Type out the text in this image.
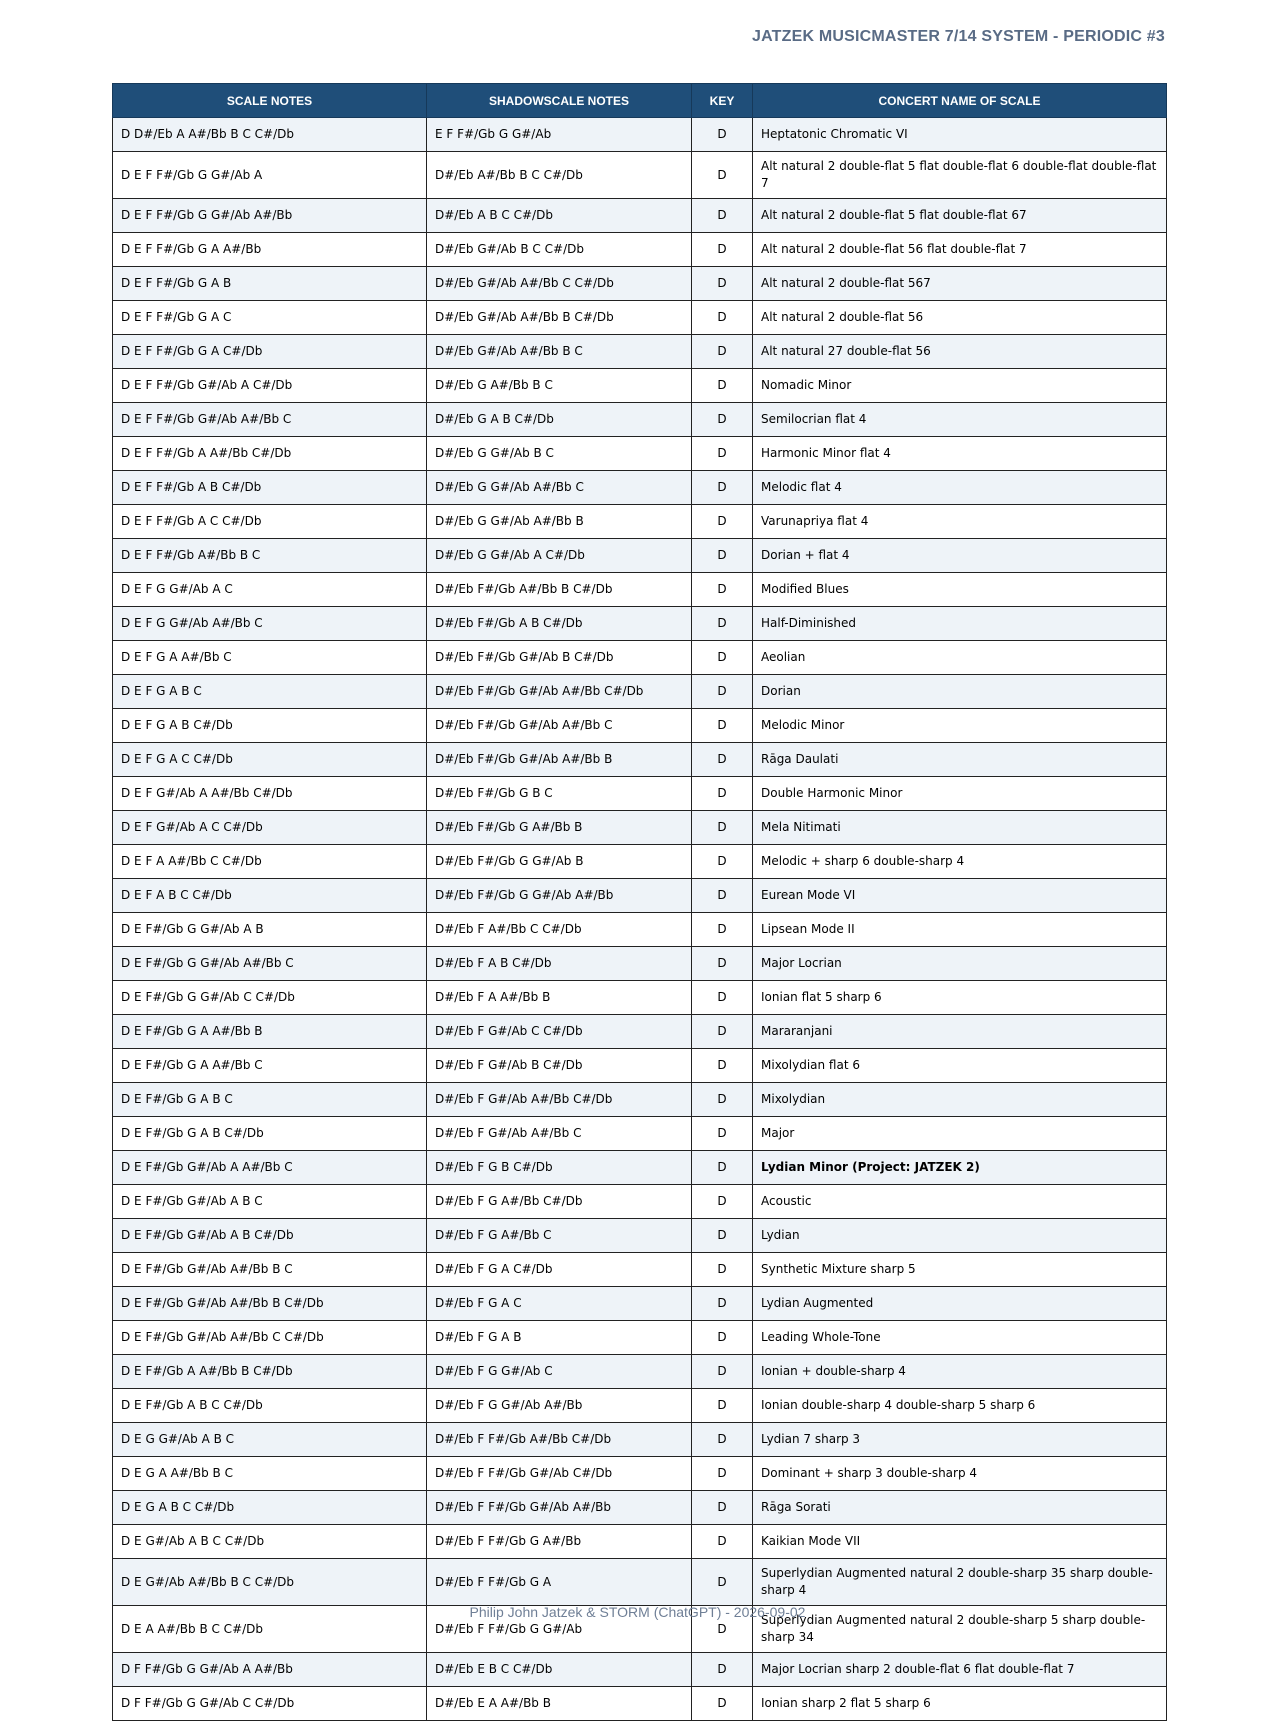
JATZEK MUSICMASTER 7/14 SYSTEM - PERIODIC #3
SCALE NOTES	SHADOWSCALE NOTES	KEY	CONCERT NAME OF SCALE
D D#/Eb A A#/Bb B C C#/Db	E F F#/Gb G G#/Ab	D	Heptatonic Chromatic VI
D E F F#/Gb G G#/Ab A	D#/Eb A#/Bb B C C#/Db	D	Alt natural 2 double-flat 5 flat double-flat 6 double-flat double-flat 7
D E F F#/Gb G G#/Ab A#/Bb	D#/Eb A B C C#/Db	D	Alt natural 2 double-flat 5 flat double-flat 67
D E F F#/Gb G A A#/Bb	D#/Eb G#/Ab B C C#/Db	D	Alt natural 2 double-flat 56 flat double-flat 7
D E F F#/Gb G A B	D#/Eb G#/Ab A#/Bb C C#/Db	D	Alt natural 2 double-flat 567
D E F F#/Gb G A C	D#/Eb G#/Ab A#/Bb B C#/Db	D	Alt natural 2 double-flat 56
D E F F#/Gb G A C#/Db	D#/Eb G#/Ab A#/Bb B C	D	Alt natural 27 double-flat 56
D E F F#/Gb G#/Ab A C#/Db	D#/Eb G A#/Bb B C	D	Nomadic Minor
D E F F#/Gb G#/Ab A#/Bb C	D#/Eb G A B C#/Db	D	Semilocrian flat 4
D E F F#/Gb A A#/Bb C#/Db	D#/Eb G G#/Ab B C	D	Harmonic Minor flat 4
D E F F#/Gb A B C#/Db	D#/Eb G G#/Ab A#/Bb C	D	Melodic flat 4
D E F F#/Gb A C C#/Db	D#/Eb G G#/Ab A#/Bb B	D	Varunapriya flat 4
D E F F#/Gb A#/Bb B C	D#/Eb G G#/Ab A C#/Db	D	Dorian + flat 4
D E F G G#/Ab A C	D#/Eb F#/Gb A#/Bb B C#/Db	D	Modified Blues
D E F G G#/Ab A#/Bb C	D#/Eb F#/Gb A B C#/Db	D	Half-Diminished
D E F G A A#/Bb C	D#/Eb F#/Gb G#/Ab B C#/Db	D	Aeolian
D E F G A B C	D#/Eb F#/Gb G#/Ab A#/Bb C#/Db	D	Dorian
D E F G A B C#/Db	D#/Eb F#/Gb G#/Ab A#/Bb C	D	Melodic Minor
D E F G A C C#/Db	D#/Eb F#/Gb G#/Ab A#/Bb B	D	Rāga Daulati
D E F G#/Ab A A#/Bb C#/Db	D#/Eb F#/Gb G B C	D	Double Harmonic Minor
D E F G#/Ab A C C#/Db	D#/Eb F#/Gb G A#/Bb B	D	Mela Nitimati
D E F A A#/Bb C C#/Db	D#/Eb F#/Gb G G#/Ab B	D	Melodic + sharp 6 double-sharp 4
D E F A B C C#/Db	D#/Eb F#/Gb G G#/Ab A#/Bb	D	Eurean Mode VI
D E F#/Gb G G#/Ab A B	D#/Eb F A#/Bb C C#/Db	D	Lipsean Mode II
D E F#/Gb G G#/Ab A#/Bb C	D#/Eb F A B C#/Db	D	Major Locrian
D E F#/Gb G G#/Ab C C#/Db	D#/Eb F A A#/Bb B	D	Ionian flat 5 sharp 6
D E F#/Gb G A A#/Bb B	D#/Eb F G#/Ab C C#/Db	D	Mararanjani
D E F#/Gb G A A#/Bb C	D#/Eb F G#/Ab B C#/Db	D	Mixolydian flat 6
D E F#/Gb G A B C	D#/Eb F G#/Ab A#/Bb C#/Db	D	Mixolydian
D E F#/Gb G A B C#/Db	D#/Eb F G#/Ab A#/Bb C	D	Major
D E F#/Gb G#/Ab A A#/Bb C	D#/Eb F G B C#/Db	D	Lydian Minor (Project: JATZEK 2)
D E F#/Gb G#/Ab A B C	D#/Eb F G A#/Bb C#/Db	D	Acoustic
D E F#/Gb G#/Ab A B C#/Db	D#/Eb F G A#/Bb C	D	Lydian
D E F#/Gb G#/Ab A#/Bb B C	D#/Eb F G A C#/Db	D	Synthetic Mixture sharp 5
D E F#/Gb G#/Ab A#/Bb B C#/Db	D#/Eb F G A C	D	Lydian Augmented
D E F#/Gb G#/Ab A#/Bb C C#/Db	D#/Eb F G A B	D	Leading Whole-Tone
D E F#/Gb A A#/Bb B C#/Db	D#/Eb F G G#/Ab C	D	Ionian + double-sharp 4
D E F#/Gb A B C C#/Db	D#/Eb F G G#/Ab A#/Bb	D	Ionian double-sharp 4 double-sharp 5 sharp 6
D E G G#/Ab A B C	D#/Eb F F#/Gb A#/Bb C#/Db	D	Lydian 7 sharp 3
D E G A A#/Bb B C	D#/Eb F F#/Gb G#/Ab C#/Db	D	Dominant + sharp 3 double-sharp 4
D E G A B C C#/Db	D#/Eb F F#/Gb G#/Ab A#/Bb	D	Rāga Sorati
D E G#/Ab A B C C#/Db	D#/Eb F F#/Gb G A#/Bb	D	Kaikian Mode VII
D E G#/Ab A#/Bb B C C#/Db	D#/Eb F F#/Gb G A	D	Superlydian Augmented natural 2 double-sharp 35 sharp double-sharp 4
D E A A#/Bb B C C#/Db	D#/Eb F F#/Gb G G#/Ab	D	Superlydian Augmented natural 2 double-sharp 5 sharp double-sharp 34
D F F#/Gb G G#/Ab A A#/Bb	D#/Eb E B C C#/Db	D	Major Locrian sharp 2 double-flat 6 flat double-flat 7
D F F#/Gb G G#/Ab C C#/Db	D#/Eb E A A#/Bb B	D	Ionian sharp 2 flat 5 sharp 6
Philip John Jatzek & STORM (ChatGPT) - 2026-09-02
